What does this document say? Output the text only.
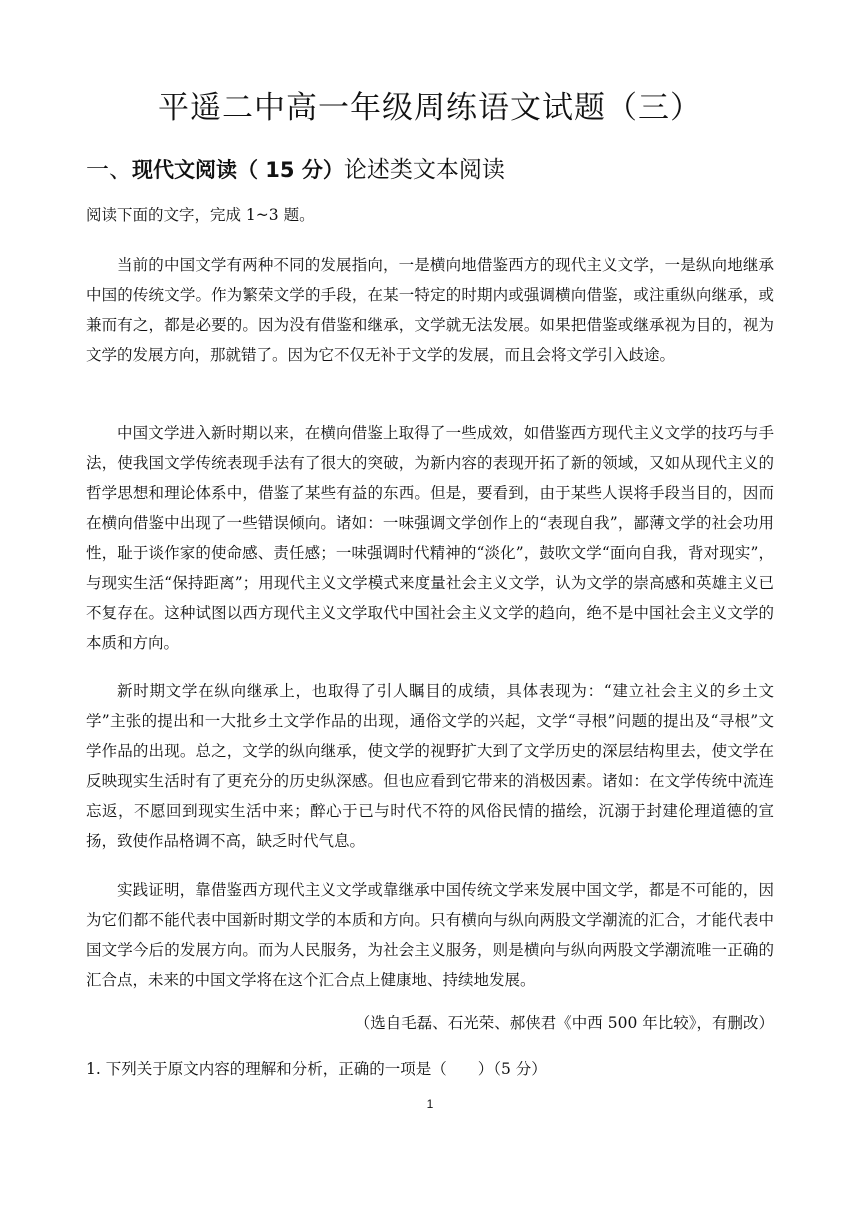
平遥二中高一年级周练语文试题（三）
一、现代文阅读（ 15 分）论述类文本阅读
阅读下面的文字，完成 1~3 题。
当前的中国文学有两种不同的发展指向，一是横向地借鉴西方的现代主义文学，一是纵向地继承中国的传统文学。作为繁荣文学的手段，在某一特定的时期内或强调横向借鉴，或注重纵向继承，或兼而有之，都是必要的。因为没有借鉴和继承，文学就无法发展。如果把借鉴或继承视为目的，视为文学的发展方向，那就错了。因为它不仅无补于文学的发展，而且会将文学引入歧途。
中国文学进入新时期以来，在横向借鉴上取得了一些成效，如借鉴西方现代主义文学的技巧与手法，使我国文学传统表现手法有了很大的突破，为新内容的表现开拓了新的领域，又如从现代主义的哲学思想和理论体系中，借鉴了某些有益的东西。但是，要看到，由于某些人误将手段当目的，因而在横向借鉴中出现了一些错误倾向。诸如：一味强调文学创作上的“表现自我”，鄙薄文学的社会功用性，耻于谈作家的使命感、责任感；一味强调时代精神的“淡化”，鼓吹文学“面向自我，背对现实”，与现实生活“保持距离”；用现代主义文学模式来度量社会主义文学，认为文学的崇高感和英雄主义已不复存在。这种试图以西方现代主义文学取代中国社会主义文学的趋向，绝不是中国社会主义文学的本质和方向。
新时期文学在纵向继承上，也取得了引人瞩目的成绩，具体表现为：“建立社会主义的乡土文学”主张的提出和一大批乡土文学作品的出现，通俗文学的兴起，文学“寻根”问题的提出及“寻根”文学作品的出现。总之，文学的纵向继承，使文学的视野扩大到了文学历史的深层结构里去，使文学在反映现实生活时有了更充分的历史纵深感。但也应看到它带来的消极因素。诸如：在文学传统中流连忘返，不愿回到现实生活中来；醉心于已与时代不符的风俗民情的描绘，沉溺于封建伦理道德的宣扬，致使作品格调不高，缺乏时代气息。
实践证明，靠借鉴西方现代主义文学或靠继承中国传统文学来发展中国文学，都是不可能的，因为它们都不能代表中国新时期文学的本质和方向。只有横向与纵向两股文学潮流的汇合，才能代表中国文学今后的发展方向。而为人民服务，为社会主义服务，则是横向与纵向两股文学潮流唯一正确的汇合点，未来的中国文学将在这个汇合点上健康地、持续地发展。
（选自毛磊、石光荣、郝侠君《中西 500 年比较》，有删改）
1. 下列关于原文内容的理解和分析，正确的一项是（　　）（5 分）
1
